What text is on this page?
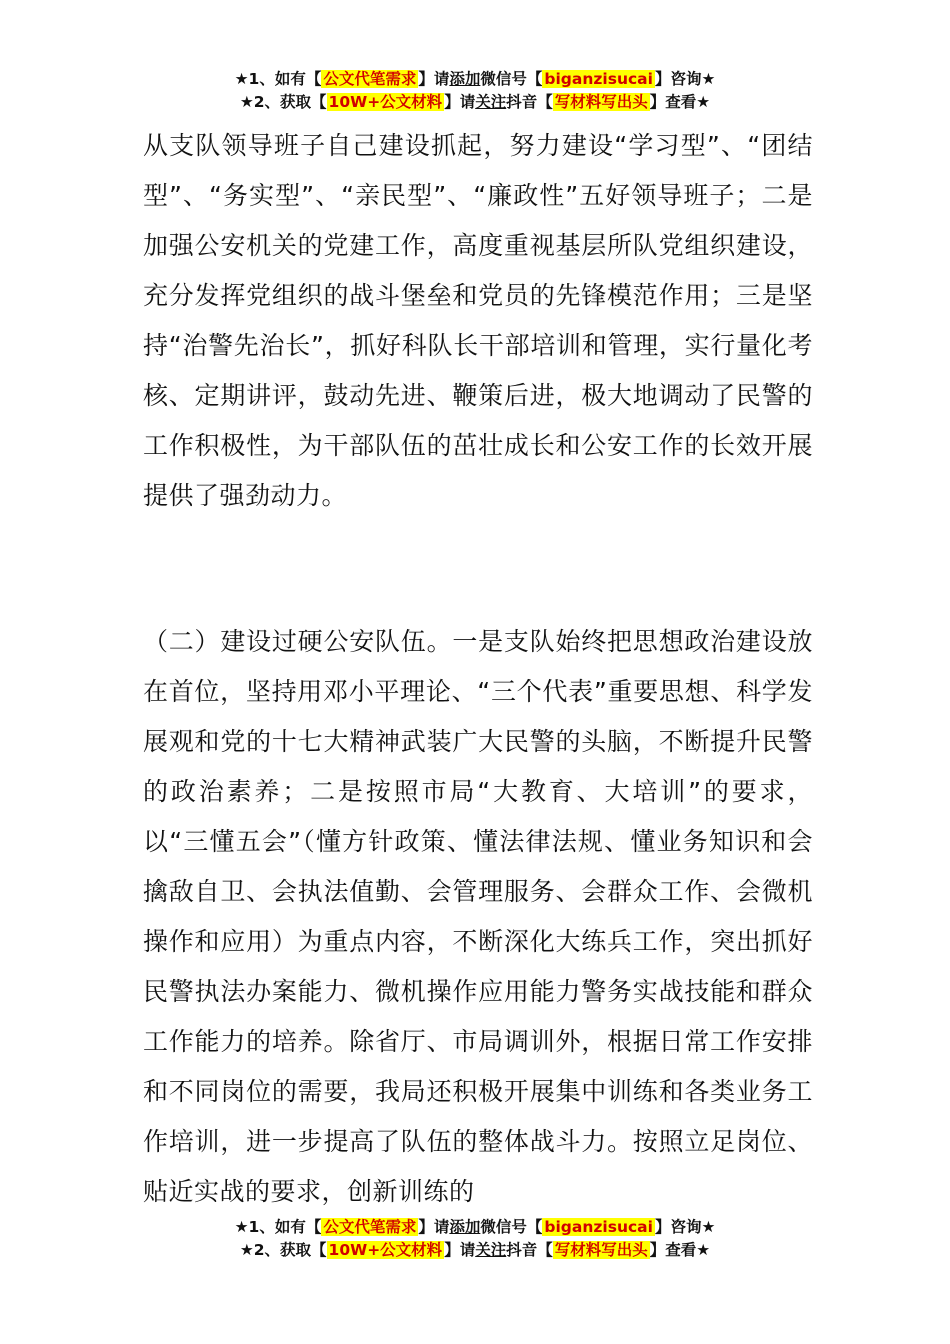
★1、如有【 公文代笔需求 】请添加微信号【 biganzisucai 】咨询★
★2、获取【 10W+公文材料 】请关注抖音【 写材料写出头 】查看★
从支队领导班子自己建设抓起，努力建设“学习型”、“团结型”、“务实型”、“亲民型”、“廉政性”五好领导班子；二是加强公安机关的党建工作，高度重视基层所队党组织建设，充分发挥党组织的战斗堡垒和党员的先锋模范作用；三是坚持“治警先治长”，抓好科队长干部培训和管理，实行量化考核、定期讲评，鼓动先进、鞭策后进，极大地调动了民警的工作积极性，为干部队伍的茁壮成长和公安工作的长效开展提供了强劲动力。
（二）建设过硬公安队伍。一是支队始终把思想政治建设放在首位，坚持用邓小平理论、“三个代表”重要思想、科学发展观和党的十七大精神武装广大民警的头脑，不断提升民警的政治素养；二是按照市局“大教育、大培训”的要求，以“三懂五会”（懂方针政策、懂法律法规、懂业务知识和会擒敌自卫、会执法值勤、会管理服务、会群众工作、会微机操作和应用）为重点内容，不断深化大练兵工作，突出抓好民警执法办案能力、微机操作应用能力警务实战技能和群众工作能力的培养。除省厅、市局调训外，根据日常工作安排和不同岗位的需要，我局还积极开展集中训练和各类业务工作培训，进一步提高了队伍的整体战斗力。按照立足岗位、贴近实战的要求，创新训练的
★1、如有【 公文代笔需求 】请添加微信号【 biganzisucai 】咨询★
★2、获取【 10W+公文材料 】请关注抖音【 写材料写出头 】查看★
